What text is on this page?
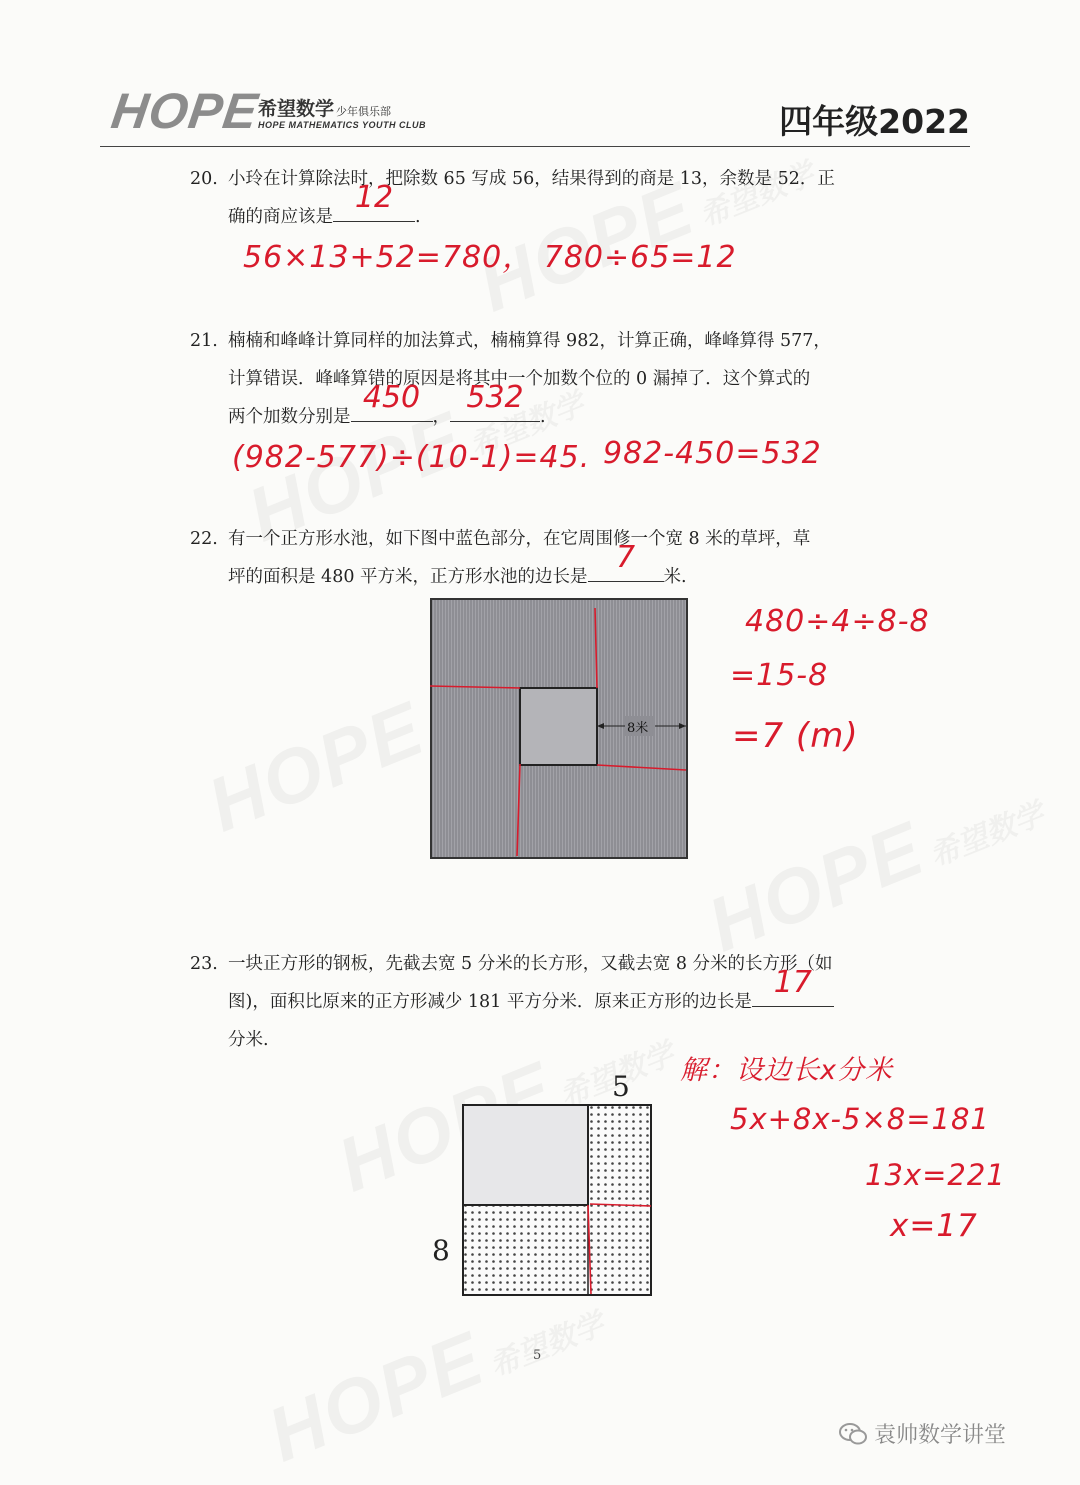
HOPE
希望数学 少年俱乐部
HOPE MATHEMATICS YOUTH CLUB	四年级2022
20. 小玲在计算除法时，把除数 65 写成 56，结果得到的商是 13，余数是 52．正
确的商应该是
12
.
56×13+52=780， 780÷65=12
21. 楠楠和峰峰计算同样的加法算式，楠楠算得 982，计算正确，峰峰算得 577，
计算错误．峰峰算错的原因是将其中一个加数个位的 0 漏掉了．这个算式的
两个加数分别是
450
，
532
.
(982-577)÷(10-1)=45. 982-450=532
22. 有一个正方形水池，如下图中蓝色部分，在它周围修一个宽 8 米的草坪，草
坪的面积是 480 平方米，正方形水池的边长是
7
米.
8米
480÷4÷8-8
=15-8
=7 (m)
23. 一块正方形的钢板，先截去宽 5 分米的长方形，又截去宽 8 分米的长方形（如
图)，面积比原来的正方形减少 181 平方分米．原来正方形的边长是
17
分米.
5
8
解：设边长x分米
5x+8x-5×8=181
13x=221
x=17
5
袁帅数学讲堂
